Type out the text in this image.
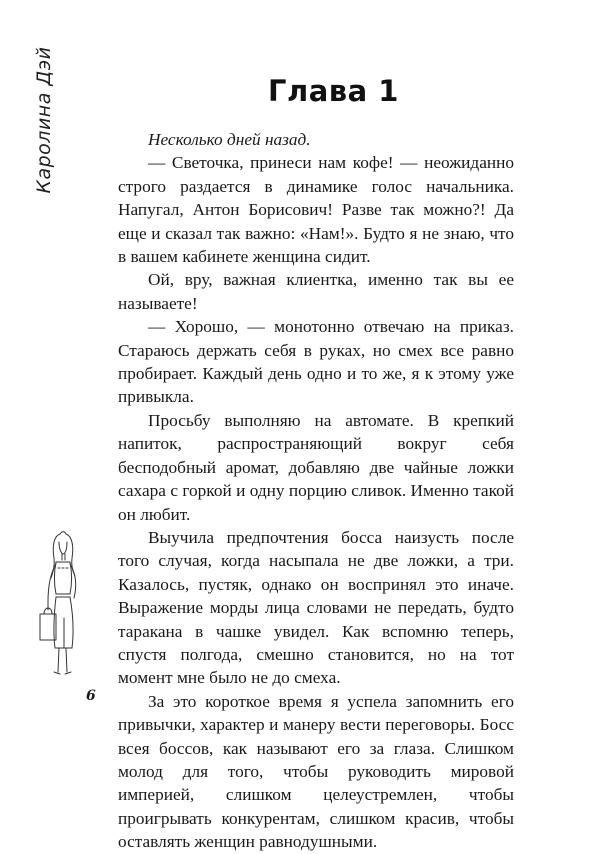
Каролина Дэй	Глава 1

Несколько дней назад.

— Светочка, принеси нам кофе! — неожиданно строго раздается в динамике голос начальника. Напугал, Антон Борисович! Разве так можно?! Да еще и сказал так важно: «Нам!». Будто я не знаю, что в вашем кабинете женщина сидит.

Ой, вру, важная клиентка, именно так вы ее называете!

— Хорошо, — монотонно отвечаю на приказ. Стараюсь держать себя в руках, но смех все равно пробирает. Каждый день одно и то же, я к этому уже привыкла.

Просьбу выполняю на автомате. В крепкий напиток, распространяющий вокруг себя бесподобный аромат, добавляю две чайные ложки сахара с горкой и одну порцию сливок. Именно такой он любит.

Выучила предпочтения босса наизусть после того случая, когда насыпала не две ложки, а три. Казалось, пустяк, однако он воспринял это иначе. Выражение морды лица словами не передать, будто таракана в чашке увидел. Как вспомню теперь, спустя полгода, смешно становится, но на тот момент мне было не до смеха.

За это короткое время я успела запомнить его привычки, характер и манеру вести переговоры. Босс всея боссов, как называют его за глаза. Слишком молод для того, чтобы руководить мировой империей, слишком целеустремлен, чтобы проигрывать конкурентам, слишком красив, чтобы оставлять женщин равнодушными.

6
